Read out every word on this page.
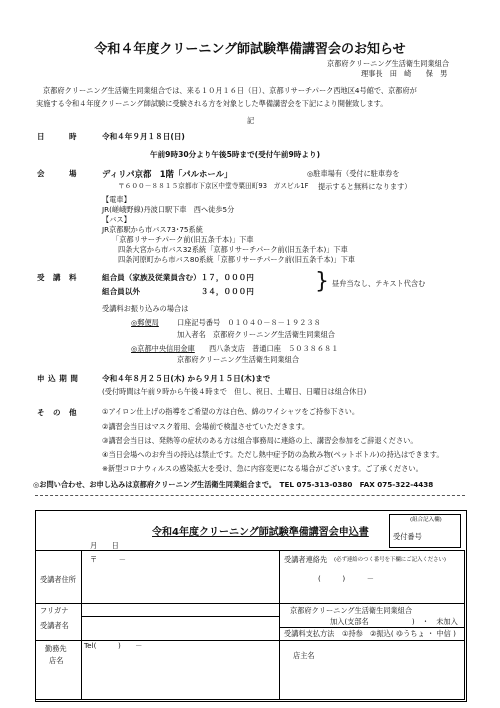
令和４年度クリーニング師試験準備講習会のお知らせ
京都府クリーニング生活衛生同業組合
理事長　田　崎　　保　男
京都府クリーニング生活衛生同業組合では、来る１０月１６日（日）、京都リサーチパーク西地区4号館で、京都府が
実施する令和４年度クリーニング師試験に受験される方を対象とした準備講習会を下記により開催致します。
記
日　　　時	令和４年９月１８日(日)
午前9時30分より午後5時まで(受付午前9時より)
会　　　場	ディリパ京都　1階「パルホール」	◎駐車場有（受付に駐車券を
提示すると無料になります）
〒６００－８８１５京都市下京区中堂寺粟田町93　ガスビル1F
【電車】
JR(嵯峨野線)丹波口駅下車　西へ徒歩5分
【バス】
JR京都駅から市バス73･75系統
「京都リサーチパーク前(旧五条千本)」下車
四条大宮から市バス32系統「京都リサーチパーク前(旧五条千本)」下車
四条河原町から市バス80系統「京都リサーチパーク前(旧五条千本)」下車
受　講　料	組合員（家族及従業員含む）１７，０００円
組合員以外　　　　　　　　３４，０００円	} 昼弁当なし、テキスト代含む
受講料お振り込みの場合は
◎郵便局	口座記号番号　０１０４０－８－１９２３８
加入者名　京都府クリーニング生活衛生同業組合
◎京都中央信用金庫 西八条支店　普通口座　５０３８６８１
京都府クリーニング生活衛生同業組合
申 込 期 間	令和４年８月２５日(木) から９月１５日(木)まで
(受付時間は午前９時から午後４時まで　但し、祝日、土曜日、日曜日は組合休日)
そ　の　他	①アイロン仕上げの指導をご希望の方は白色、綿のワイシャツをご持参下さい。
②講習会当日はマスク着用、会場前で検温させていただきます。
③講習会当日は、発熱等の症状のある方は組合事務局に連絡の上、講習会参加をご辞退ください。
④当日会場へのお弁当の持込は禁止です。ただし熱中症予防の為飲み物(ペットボトル)の持込はできます。
※新型コロナウィルスの感染拡大を受け、急に内容変更になる場合がございます。ご了承ください。
◎お問い合わせ、お申し込みは京都府クリーニング生活衛生同業組合まで。　TEL 075-313-0380　FAX 075-322-4438
令和4年度クリーニング師試験準備講習会申込書
(組合記入欄)
受付番号
月　　日
〒　　　－
受講者住所
受講者連絡先 (必ず連絡のつく番号を下欄にご記入ください)
(　　　)　　　－
フリガナ
受講者名
京都府クリーニング生活衛生同業組合
加入(支部名　　　　　　)　・　未加入
受講料支払方法 ①持参　②振込( ゆうちょ ・ 中信 )
勤務先
店名
Tel(　　　)　　－
店主名
